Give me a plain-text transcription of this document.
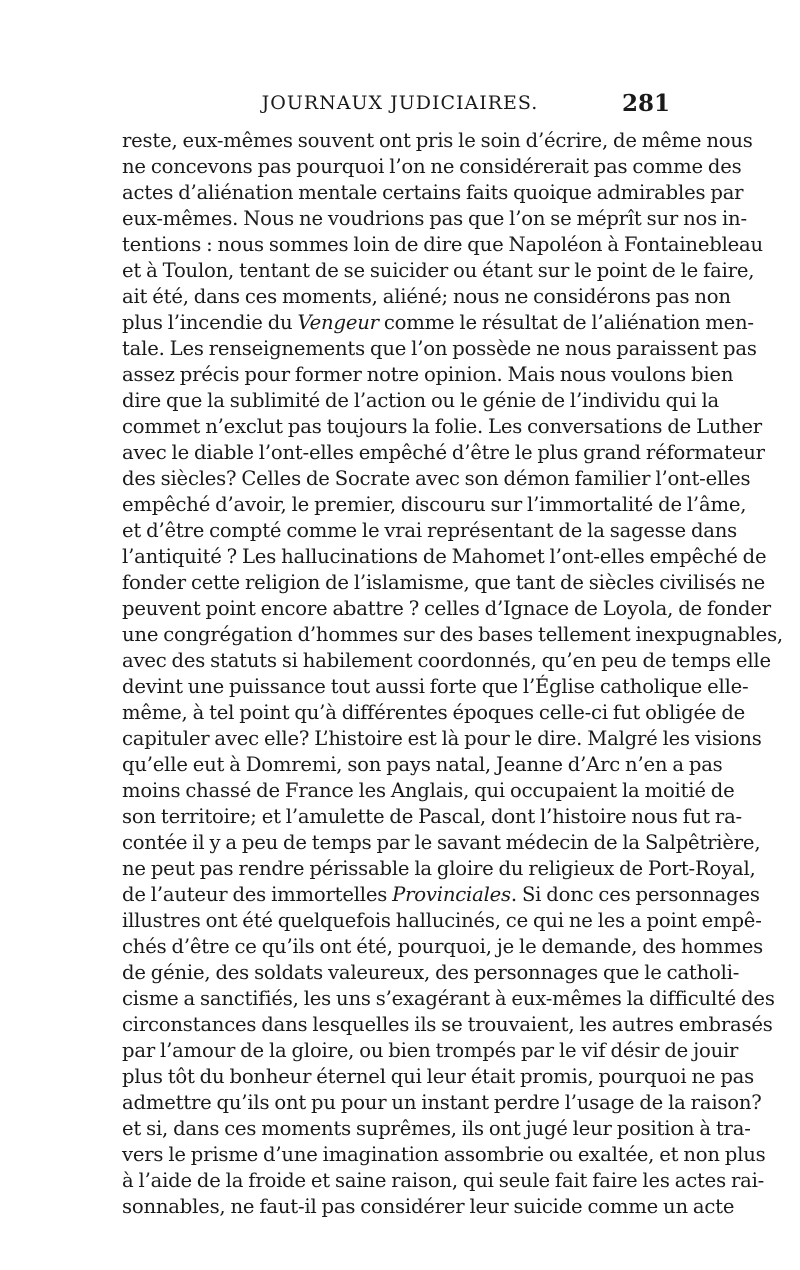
JOURNAUX JUDICIAIRES.	281
reste, eux-mêmes souvent ont pris le soin d’écrire, de même nous
ne concevons pas pourquoi l’on ne considérerait pas comme des
actes d’aliénation mentale certains faits quoique admirables par
eux-mêmes. Nous ne voudrions pas que l’on se méprît sur nos in-
tentions : nous sommes loin de dire que Napoléon à Fontainebleau
et à Toulon, tentant de se suicider ou étant sur le point de le faire,
ait été, dans ces moments, aliéné; nous ne considérons pas non
plus l’incendie du Vengeur comme le résultat de l’aliénation men-
tale. Les renseignements que l’on possède ne nous paraissent pas
assez précis pour former notre opinion. Mais nous voulons bien
dire que la sublimité de l’action ou le génie de l’individu qui la
commet n’exclut pas toujours la folie. Les conversations de Luther
avec le diable l’ont-elles empêché d’être le plus grand réformateur
des siècles? Celles de Socrate avec son démon familier l’ont-elles
empêché d’avoir, le premier, discouru sur l’immortalité de l’âme,
et d’être compté comme le vrai représentant de la sagesse dans
l’antiquité ? Les hallucinations de Mahomet l’ont-elles empêché de
fonder cette religion de l’islamisme, que tant de siècles civilisés ne
peuvent point encore abattre ? celles d’Ignace de Loyola, de fonder
une congrégation d’hommes sur des bases tellement inexpugnables,
avec des statuts si habilement coordonnés, qu’en peu de temps elle
devint une puissance tout aussi forte que l’Église catholique elle-
même, à tel point qu’à différentes époques celle-ci fut obligée de
capituler avec elle? L’histoire est là pour le dire. Malgré les visions
qu’elle eut à Domremi, son pays natal, Jeanne d’Arc n’en a pas
moins chassé de France les Anglais, qui occupaient la moitié de
son territoire; et l’amulette de Pascal, dont l’histoire nous fut ra-
contée il y a peu de temps par le savant médecin de la Salpêtrière,
ne peut pas rendre périssable la gloire du religieux de Port-Royal,
de l’auteur des immortelles Provinciales. Si donc ces personnages
illustres ont été quelquefois hallucinés, ce qui ne les a point empê-
chés d’être ce qu’ils ont été, pourquoi, je le demande, des hommes
de génie, des soldats valeureux, des personnages que le catholi-
cisme a sanctifiés, les uns s’exagérant à eux-mêmes la difficulté des
circonstances dans lesquelles ils se trouvaient, les autres embrasés
par l’amour de la gloire, ou bien trompés par le vif désir de jouir
plus tôt du bonheur éternel qui leur était promis, pourquoi ne pas
admettre qu’ils ont pu pour un instant perdre l’usage de la raison?
et si, dans ces moments suprêmes, ils ont jugé leur position à tra-
vers le prisme d’une imagination assombrie ou exaltée, et non plus
à l’aide de la froide et saine raison, qui seule fait faire les actes rai-
sonnables, ne faut-il pas considérer leur suicide comme un acte
